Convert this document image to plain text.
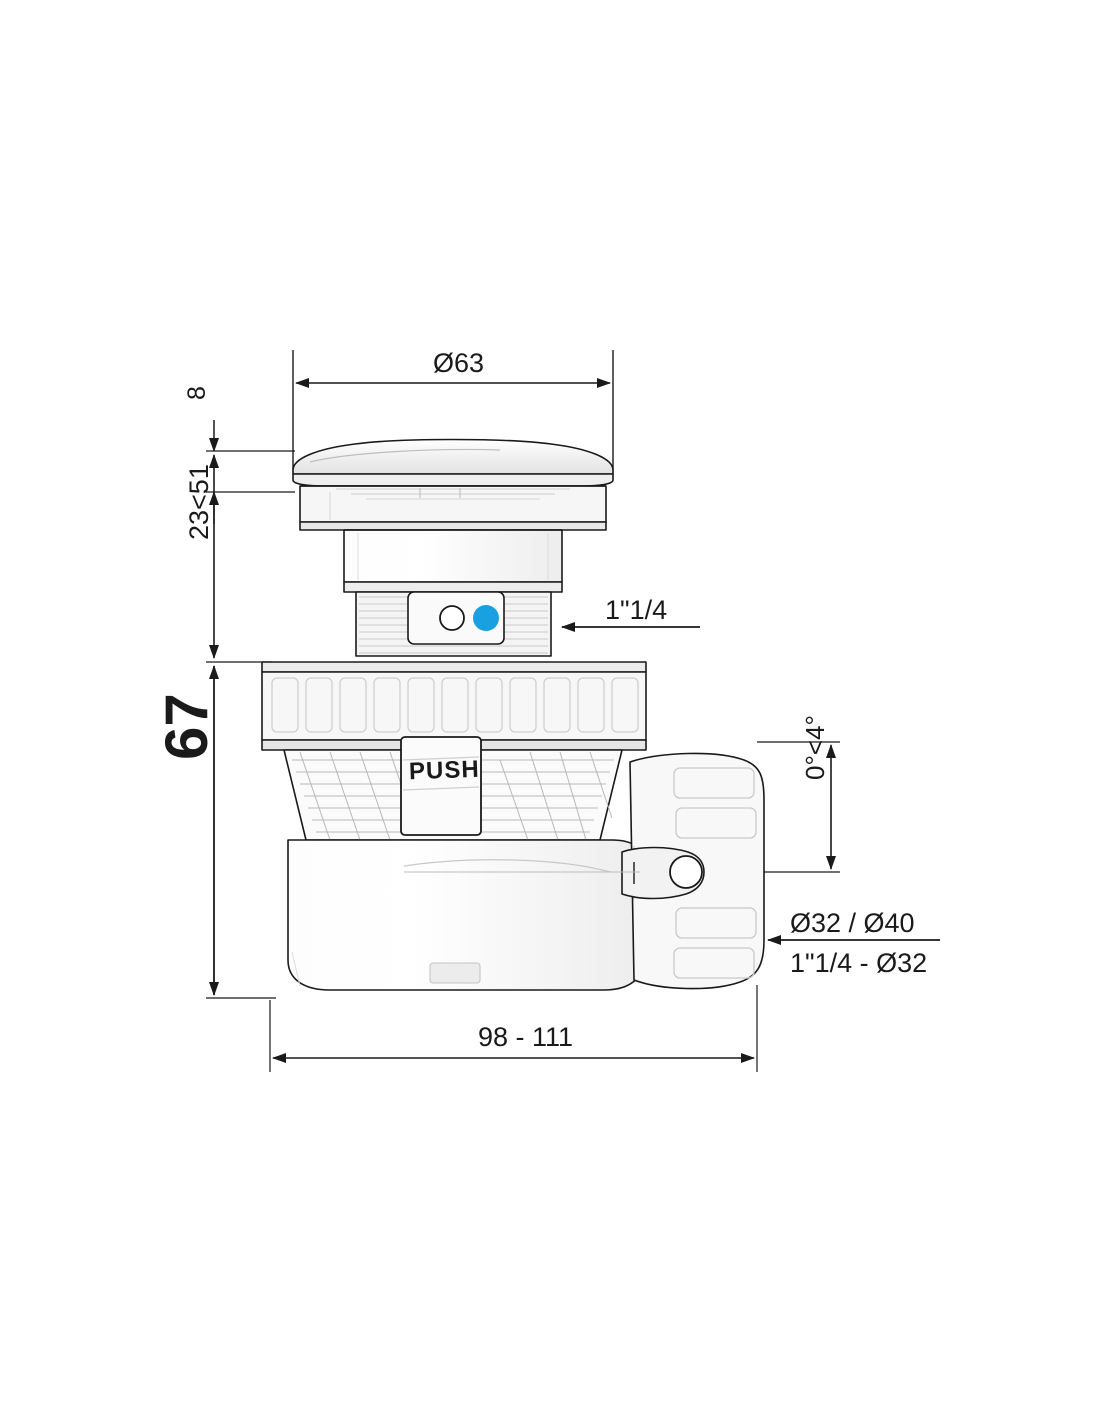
Ø63
8
23<51
67
1"1/4
0°<4°
Ø32 / Ø40
1"1/4 - Ø32
98 - 111
PUSH
